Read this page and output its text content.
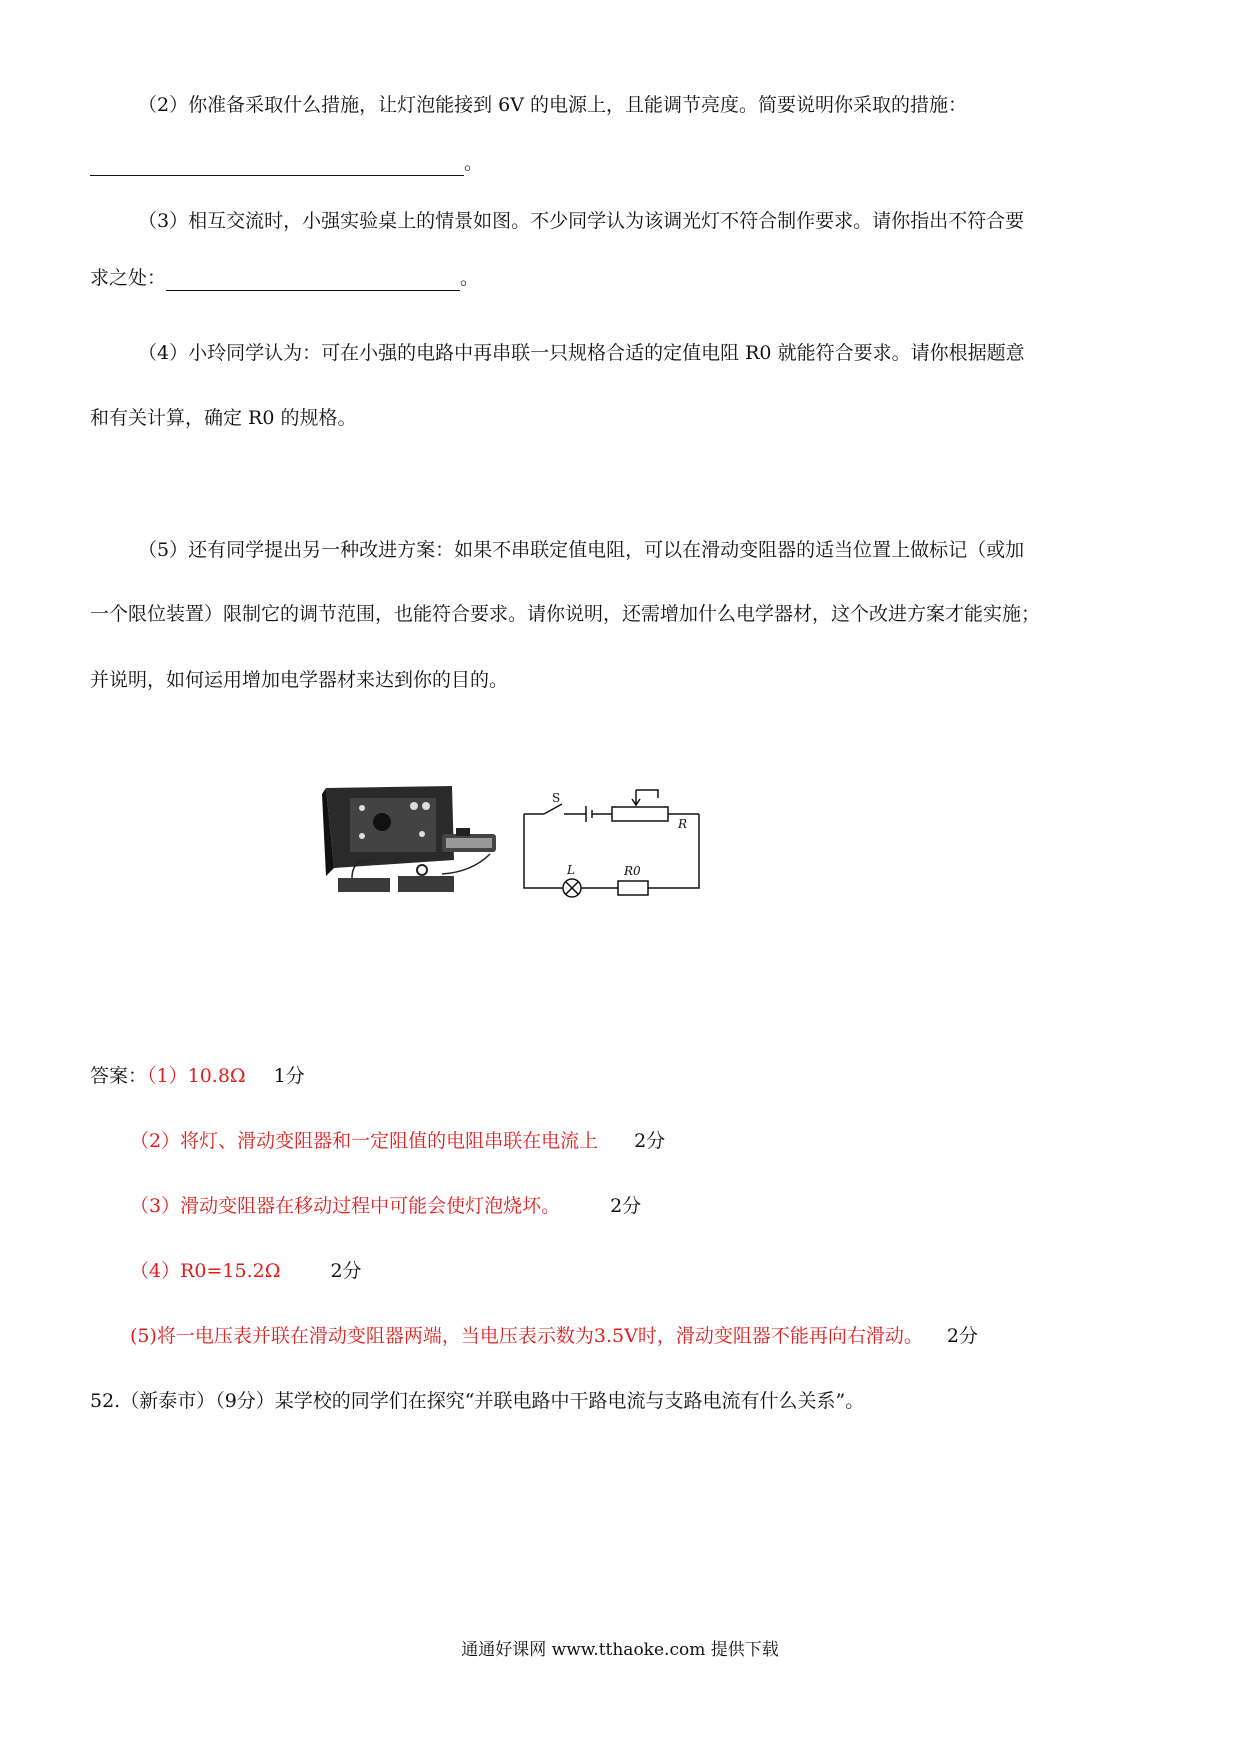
（2）你准备采取什么措施，让灯泡能接到 6V 的电源上，且能调节亮度。简要说明你采取的措施：
。
（3）相互交流时，小强实验桌上的情景如图。不少同学认为该调光灯不符合制作要求。请你指出不符合要
求之处：	。
（4）小玲同学认为：可在小强的电路中再串联一只规格合适的定值电阻 R0 就能符合要求。请你根据题意
和有关计算，确定 R0 的规格。
（5）还有同学提出另一种改进方案：如果不串联定值电阻，可以在滑动变阻器的适当位置上做标记（或加
一个限位装置）限制它的调节范围，也能符合要求。请你说明，还需增加什么电学器材，这个改进方案才能实施；
并说明，如何运用增加电学器材来达到你的目的。
S
R
L	R0
答案：（1）10.8Ω 1分
（2）将灯、滑动变阻器和一定阻值的电阻串联在电流上 2分
（3）滑动变阻器在移动过程中可能会使灯泡烧坏。	2分
（4）R0=15.2Ω	2分
(5)将一电压表并联在滑动变阻器两端，当电压表示数为3.5V时，滑动变阻器不能再向右滑动。 2分
52.（新泰市）（9分）某学校的同学们在探究“并联电路中干路电流与支路电流有什么关系”。
通通好课网 www.tthaoke.com 提供下载
